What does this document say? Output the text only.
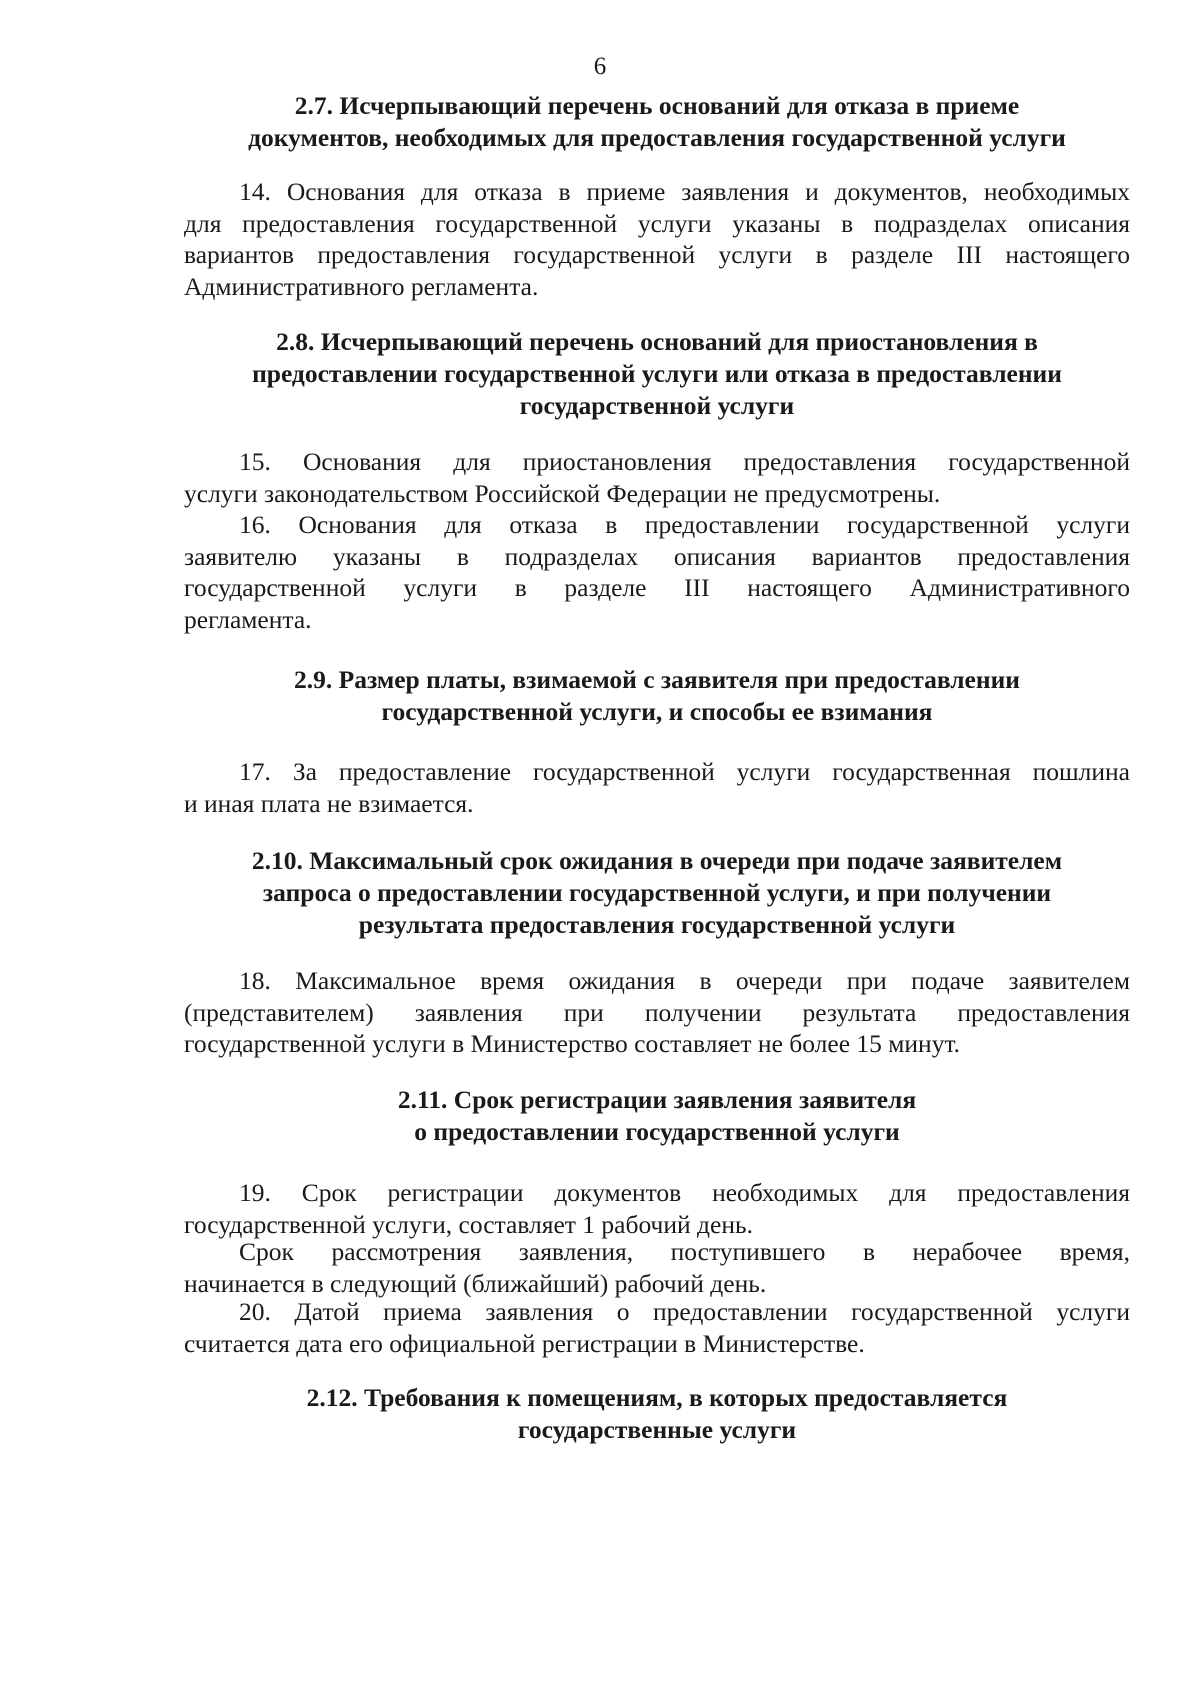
6
2.7. Исчерпывающий перечень оснований для отказа в приеме
документов, необходимых для предоставления государственной услуги
14. Основания для отказа в приеме заявления и документов, необходимых
для предоставления государственной услуги указаны в подразделах описания
вариантов предоставления государственной услуги в разделе III настоящего
Административного регламента.
2.8. Исчерпывающий перечень оснований для приостановления в
предоставлении государственной услуги или отказа в предоставлении
государственной услуги
15. Основания для приостановления предоставления государственной
услуги законодательством Российской Федерации не предусмотрены.
16. Основания для отказа в предоставлении государственной услуги
заявителю указаны в подразделах описания вариантов предоставления
государственной услуги в разделе III настоящего Административного
регламента.
2.9. Размер платы, взимаемой с заявителя при предоставлении
государственной услуги, и способы ее взимания
17. За предоставление государственной услуги государственная пошлина
и иная плата не взимается.
2.10. Максимальный срок ожидания в очереди при подаче заявителем
запроса о предоставлении государственной услуги, и при получении
результата предоставления государственной услуги
18. Максимальное время ожидания в очереди при подаче заявителем
(представителем) заявления при получении результата предоставления
государственной услуги в Министерство составляет не более 15 минут.
2.11. Срок регистрации заявления заявителя
о предоставлении государственной услуги
19. Срок регистрации документов необходимых для предоставления
государственной услуги, составляет 1 рабочий день.
Срок рассмотрения заявления, поступившего в нерабочее время,
начинается в следующий (ближайший) рабочий день.
20. Датой приема заявления о предоставлении государственной услуги
считается дата его официальной регистрации в Министерстве.
2.12. Требования к помещениям, в которых предоставляется
государственные услуги
